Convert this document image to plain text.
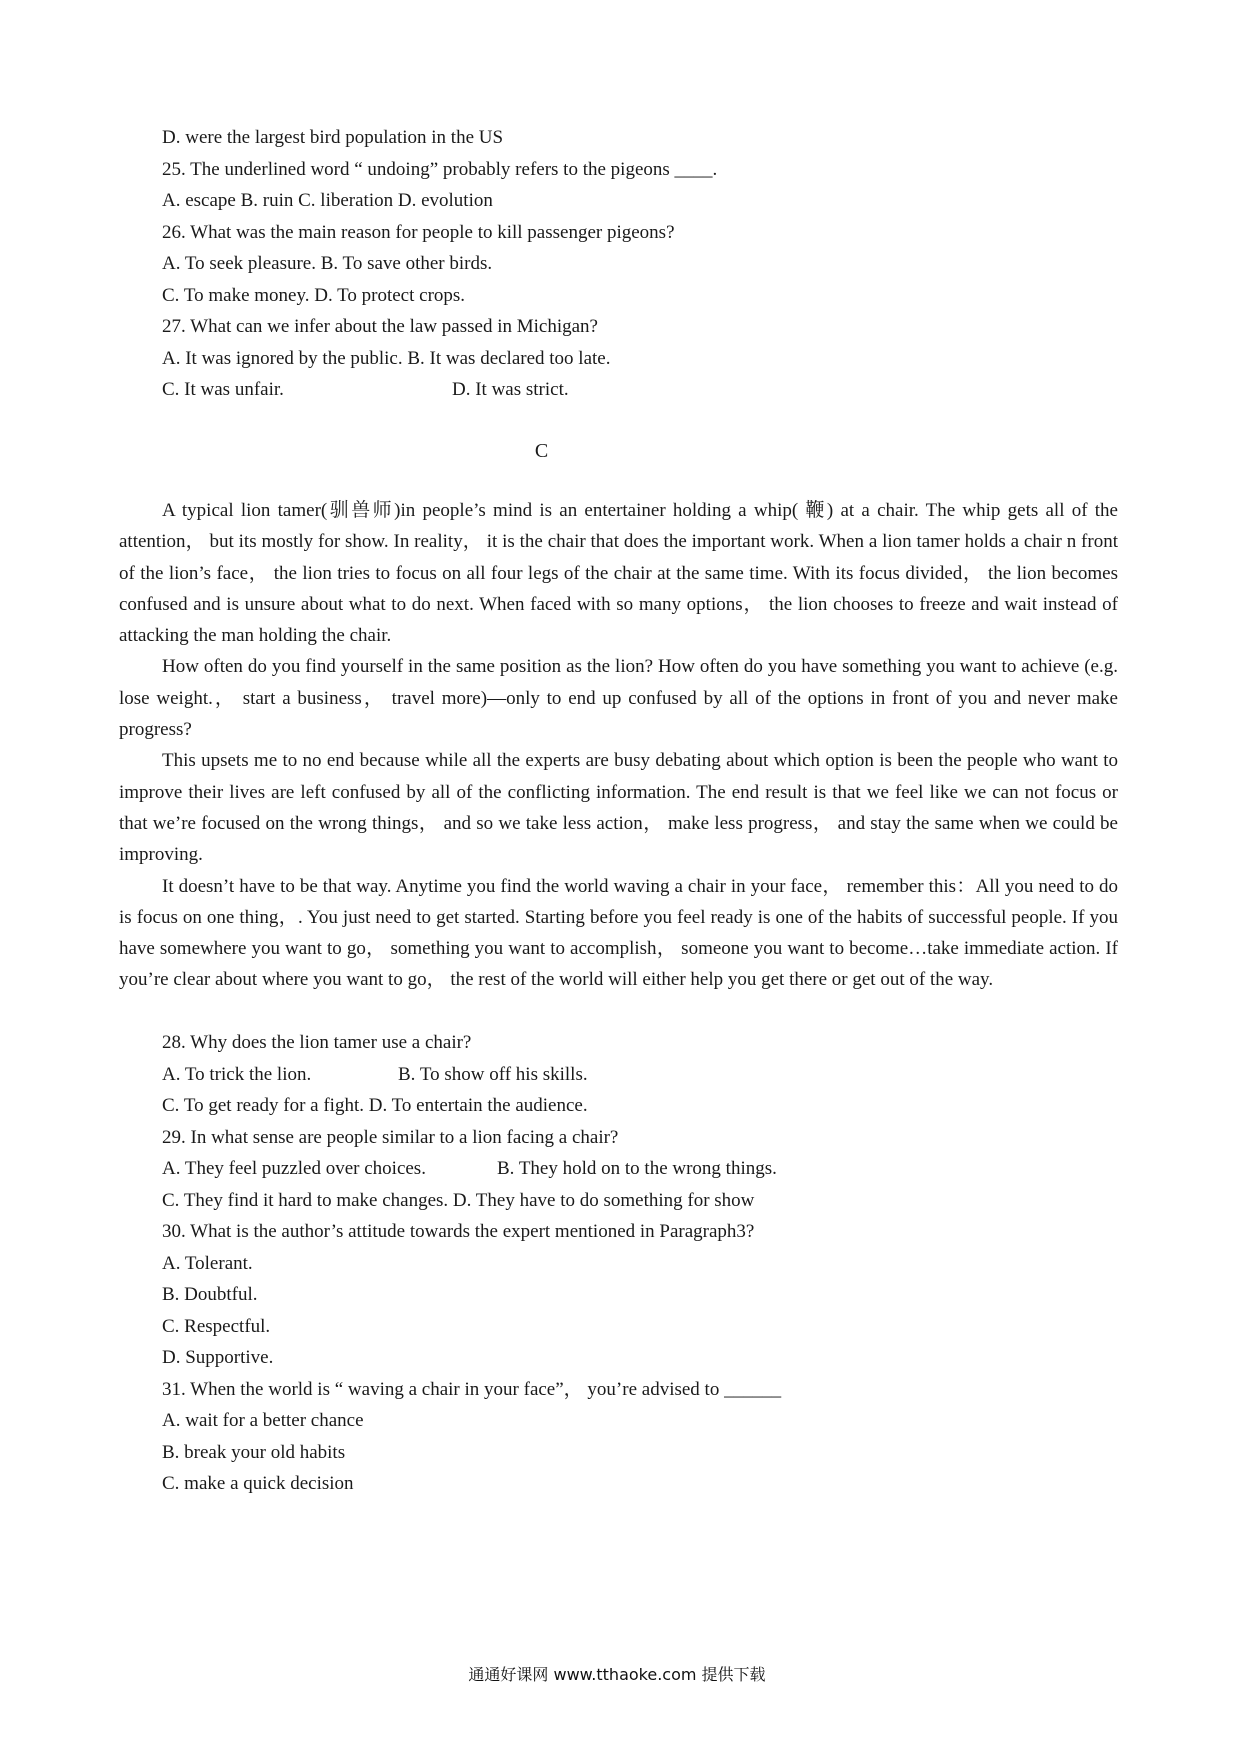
D. were the largest bird population in the US
25. The underlined word “ undoing” probably refers to the pigeons ____.
A. escape B. ruin C. liberation D. evolution
26. What was the main reason for people to kill passenger pigeons?
A. To seek pleasure. B. To save other birds.
C. To make money. D. To protect crops.
27. What can we infer about the law passed in Michigan?
A. It was ignored by the public. B. It was declared too late.
C. It was unfair.	D. It was strict.
C

A typical lion tamer(驯兽师)in people’s mind is an entertainer holding a whip( 鞭) at a chair. The whip gets all of the attention， but its mostly for show. In reality， it is the chair that does the important work. When a lion tamer holds a chair n front of the lion’s face， the lion tries to focus on all four legs of the chair at the same time. With its focus divided， the lion becomes confused and is unsure about what to do next. When faced with so many options， the lion chooses to freeze and wait instead of attacking the man holding the chair.

How often do you find yourself in the same position as the lion? How often do you have something you want to achieve (e.g. lose weight.， start a business， travel more)—only to end up confused by all of the options in front of you and never make progress?

This upsets me to no end because while all the experts are busy debating about which option is been the people who want to improve their lives are left confused by all of the conflicting information. The end result is that we feel like we can not focus or that we’re focused on the wrong things， and so we take less action， make less progress， and stay the same when we could be improving.

It doesn’t have to be that way. Anytime you find the world waving a chair in your face， remember this：All you need to do is focus on one thing，. You just need to get started. Starting before you feel ready is one of the habits of successful people. If you have somewhere you want to go， something you want to accomplish， someone you want to become…take immediate action. If you’re clear about where you want to go， the rest of the world will either help you get there or get out of the way.

28. Why does the lion tamer use a chair?
A. To trick the lion.	B. To show off his skills.
C. To get ready for a fight. D. To entertain the audience.
29. In what sense are people similar to a lion facing a chair?
A. They feel puzzled over choices.	B. They hold on to the wrong things.
C. They find it hard to make changes. D. They have to do something for show
30. What is the author’s attitude towards the expert mentioned in Paragraph3?
A. Tolerant.
B. Doubtful.
C. Respectful.
D. Supportive.
31. When the world is “ waving a chair in your face”， you’re advised to ______
A. wait for a better chance
B. break your old habits
C. make a quick decision
通通好课网 www.tthaoke.com 提供下载
